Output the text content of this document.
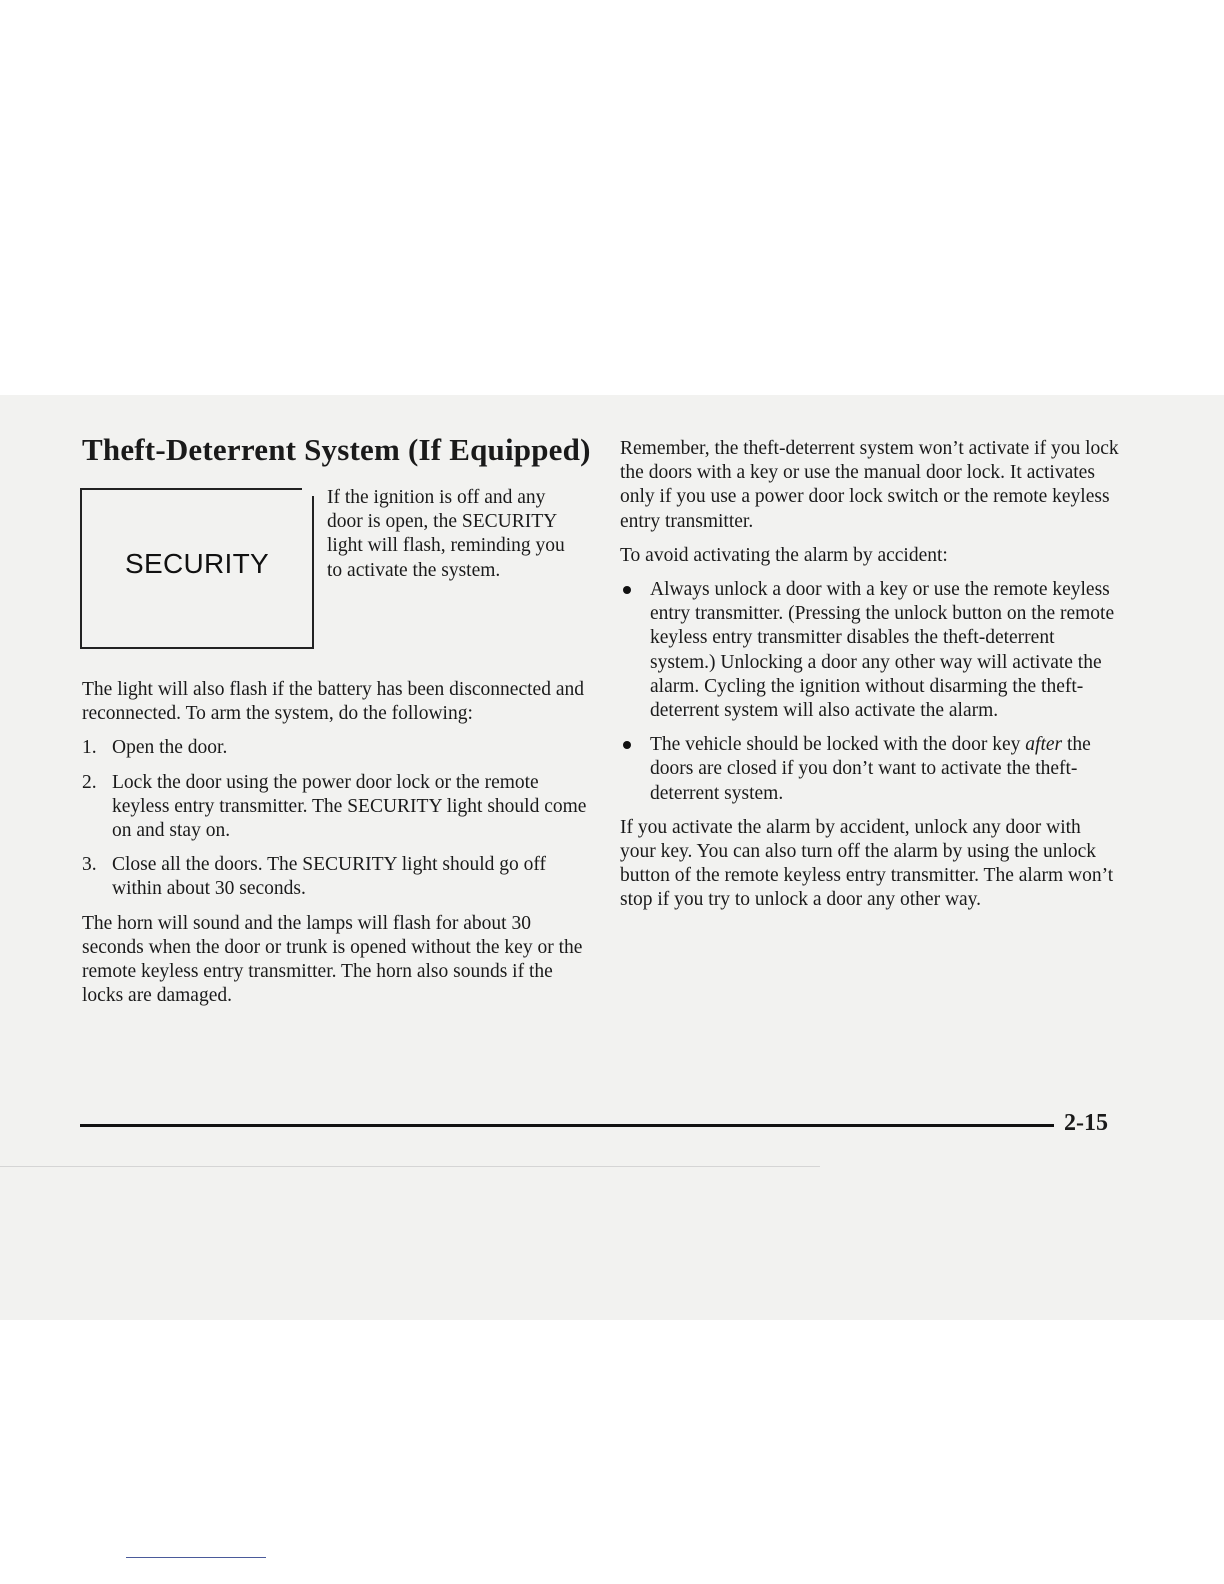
Theft-Deterrent System (If Equipped)
SECURITY
If the ignition is off and any door is open, the SECURITY light will flash, reminding you to activate the system.

The light will also flash if the battery has been disconnected and reconnected. To arm the system, do the following:

1. Open the door.
2. Lock the door using the power door lock or the remote keyless entry transmitter. The SECURITY light should come on and stay on.
3. Close all the doors. The SECURITY light should go off within about 30 seconds.

The horn will sound and the lamps will flash for about 30 seconds when the door or trunk is opened without the key or the remote keyless entry transmitter. The horn also sounds if the locks are damaged.

Remember, the theft-deterrent system won’t activate if you lock the doors with a key or use the manual door lock. It activates only if you use a power door lock switch or the remote keyless entry transmitter.

To avoid activating the alarm by accident:

Always unlock a door with a key or use the remote keyless entry transmitter. (Pressing the unlock button on the remote keyless entry transmitter disables the theft-deterrent system.) Unlocking a door any other way will activate the alarm. Cycling the ignition without disarming the theft-deterrent system will also activate the alarm.
The vehicle should be locked with the door key after the doors are closed if you don’t want to activate the theft-deterrent system.

If you activate the alarm by accident, unlock any door with your key. You can also turn off the alarm by using the unlock button of the remote keyless entry transmitter. The alarm won’t stop if you try to unlock a door any other way.

2-15
